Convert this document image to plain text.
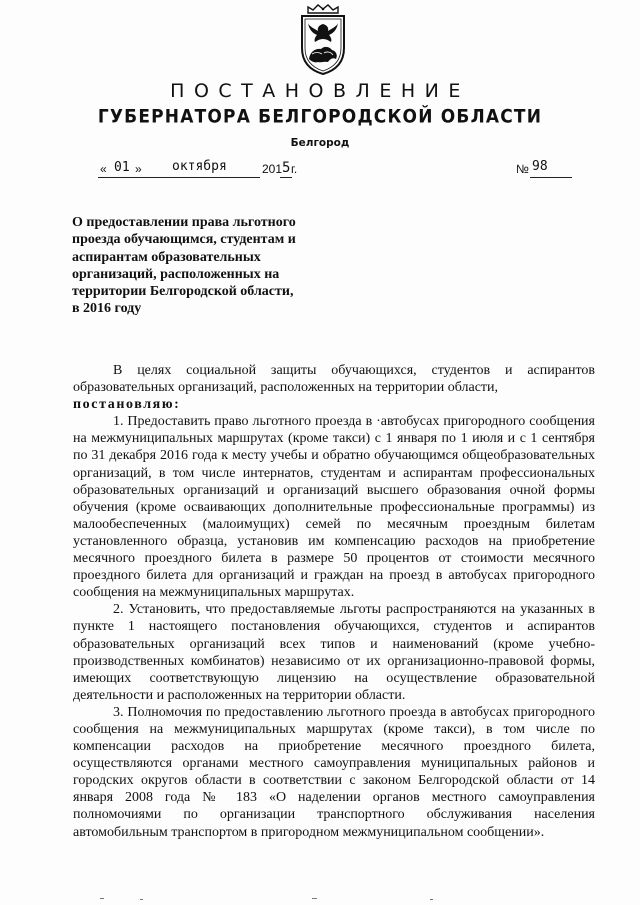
ПОСТАНОВЛЕНИЕ
ГУБЕРНАТОРА БЕЛГОРОДСКОЙ ОБЛАСТИ
Белгород
« 01 » октября	201 5 г.	№ 98
О предоставлении права льготного
проезда обучающимся, студентам и
аспирантам образовательных
организаций, расположенных на
территории Белгородской области,
в 2016 году

В целях социальной защиты обучающихся, студентов и аспирантов образовательных организаций, расположенных на территории области,

постановляю:

1. Предоставить право льготного проезда в ·автобусах пригородного сообщения на межмуниципальных маршрутах (кроме такси) с 1 января по 1 июля и с 1 сентября по 31 декабря 2016 года к месту учебы и обратно обучающимся общеобразовательных организаций, в том числе интернатов, студентам и аспирантам профессиональных образовательных организаций и организаций высшего образования очной формы обучения (кроме осваивающих дополнительные профессиональные программы) из малообеспеченных (малоимущих) семей по месячным проездным билетам установленного образца, установив им компенсацию расходов на приобретение месячного проездного билета в размере 50 процентов от стоимости месячного проездного билета для организаций и граждан на проезд в автобусах пригородного сообщения на межмуниципальных маршрутах.

2. Установить, что предоставляемые льготы распространяются на указанных в пункте 1 настоящего постановления обучающихся, студентов и аспирантов образовательных организаций всех типов и наименований (кроме учебно-производственных комбинатов) независимо от их организационно-правовой формы, имеющих соответствующую лицензию на осуществление образовательной деятельности и расположенных на территории области.

3. Полномочия по предоставлению льготного проезда в автобусах пригородного сообщения на межмуниципальных маршрутах (кроме такси), в том числе по компенсации расходов на приобретение месячного проездного билета, осуществляются органами местного самоуправления муниципальных районов и городских округов области в соответствии с законом Белгородской области от 14 января 2008 года № 183 «О наделении органов местного самоуправления полномочиями по организации транспортного обслуживания населения автомобильным транспортом в пригородном межмуниципальном сообщении».
